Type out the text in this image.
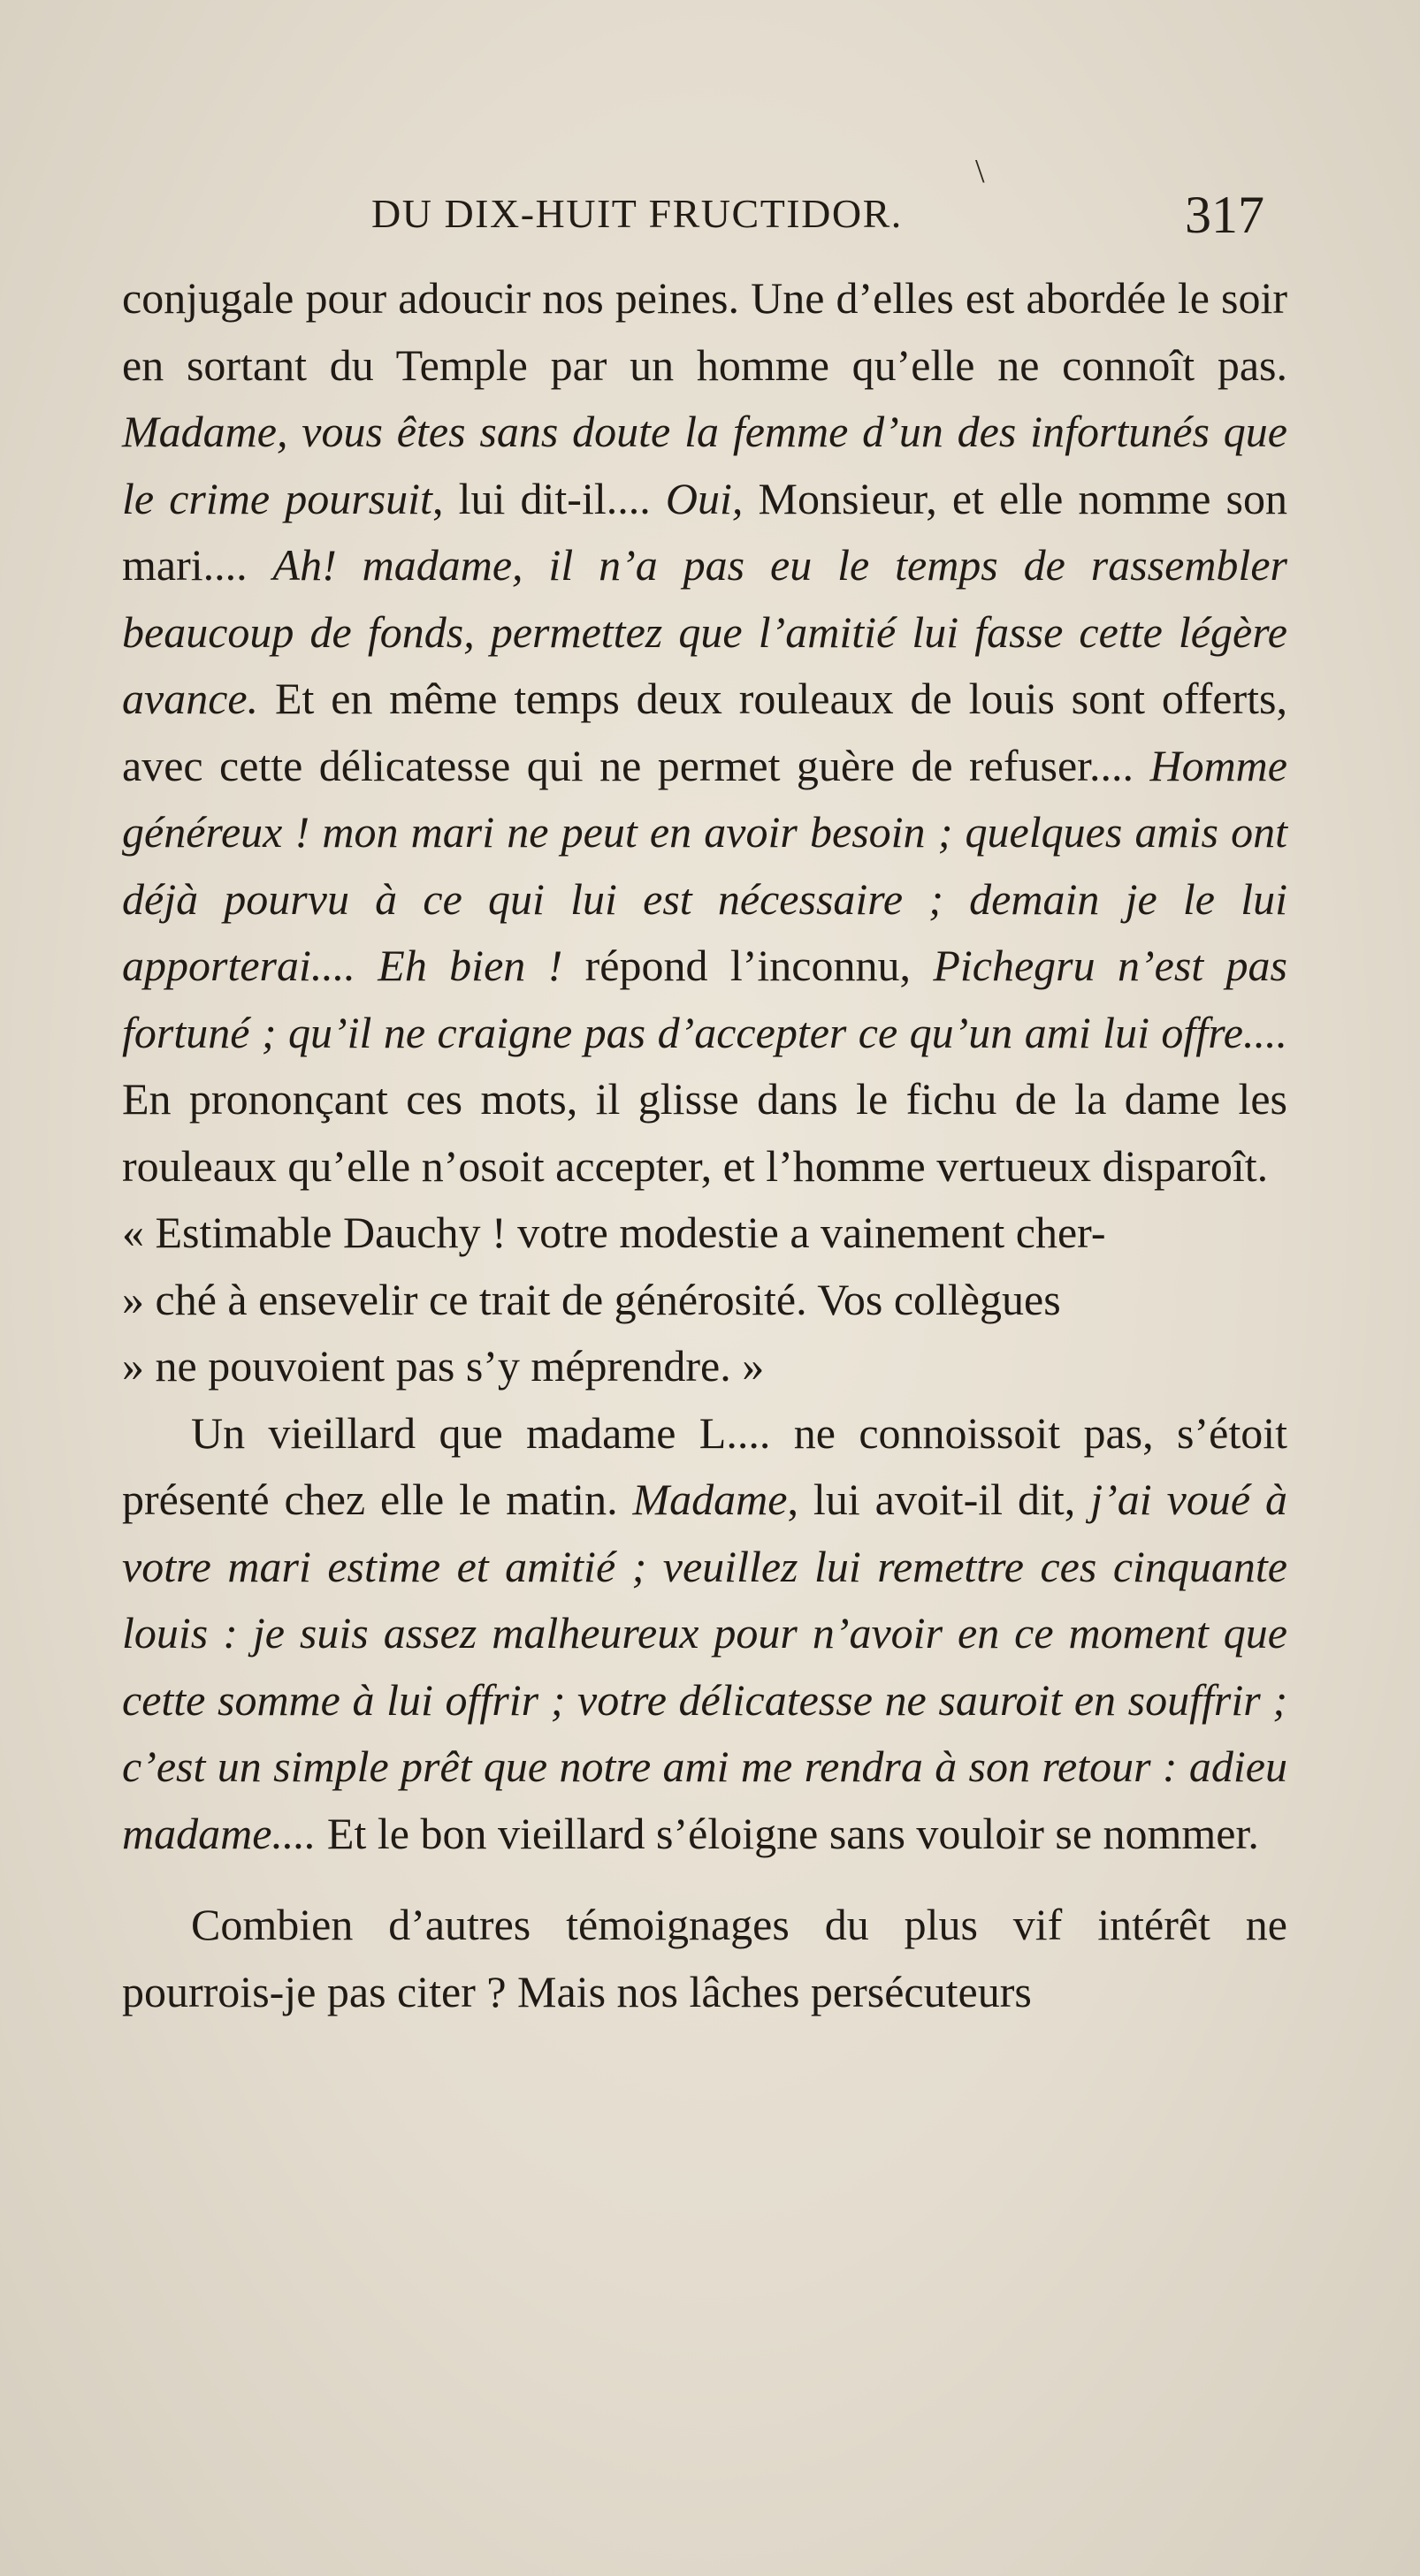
\
DU DIX-HUIT FRUCTIDOR.	317

conjugale pour adoucir nos peines. Une d’elles est abordée le soir en sortant du Temple par un homme qu’elle ne connoît pas. Madame, vous êtes sans doute la femme d’un des infortunés que le crime poursuit, lui dit-il.... Oui, Monsieur, et elle nomme son mari.... Ah! madame, il n’a pas eu le temps de rassembler beaucoup de fonds, permettez que l’amitié lui fasse cette légère avance. Et en même temps deux rouleaux de louis sont offerts, avec cette délicatesse qui ne permet guère de refuser.... Homme généreux ! mon mari ne peut en avoir besoin ; quelques amis ont déjà pourvu à ce qui lui est nécessaire ; demain je le lui apporterai.... Eh bien ! répond l’inconnu, Pichegru n’est pas fortuné ; qu’il ne craigne pas d’accepter ce qu’un ami lui offre.... En prononçant ces mots, il glisse dans le fichu de la dame les rouleaux qu’elle n’osoit accepter, et l’homme vertueux disparoît.

« Estimable Dauchy ! votre modestie a vainement cher-

» ché à ensevelir ce trait de générosité. Vos collègues

» ne pouvoient pas s’y méprendre. »

Un vieillard que madame L.... ne connoissoit pas, s’étoit présenté chez elle le matin. Madame, lui avoit-il dit, j’ai voué à votre mari estime et amitié ; veuillez lui remettre ces cinquante louis : je suis assez malheureux pour n’avoir en ce moment que cette somme à lui offrir ; votre délicatesse ne sauroit en souffrir ; c’est un simple prêt que notre ami me rendra à son retour : adieu madame.... Et le bon vieillard s’éloigne sans vouloir se nommer.

Combien d’autres témoignages du plus vif intérêt ne pourrois-je pas citer ? Mais nos lâches persécuteurs
